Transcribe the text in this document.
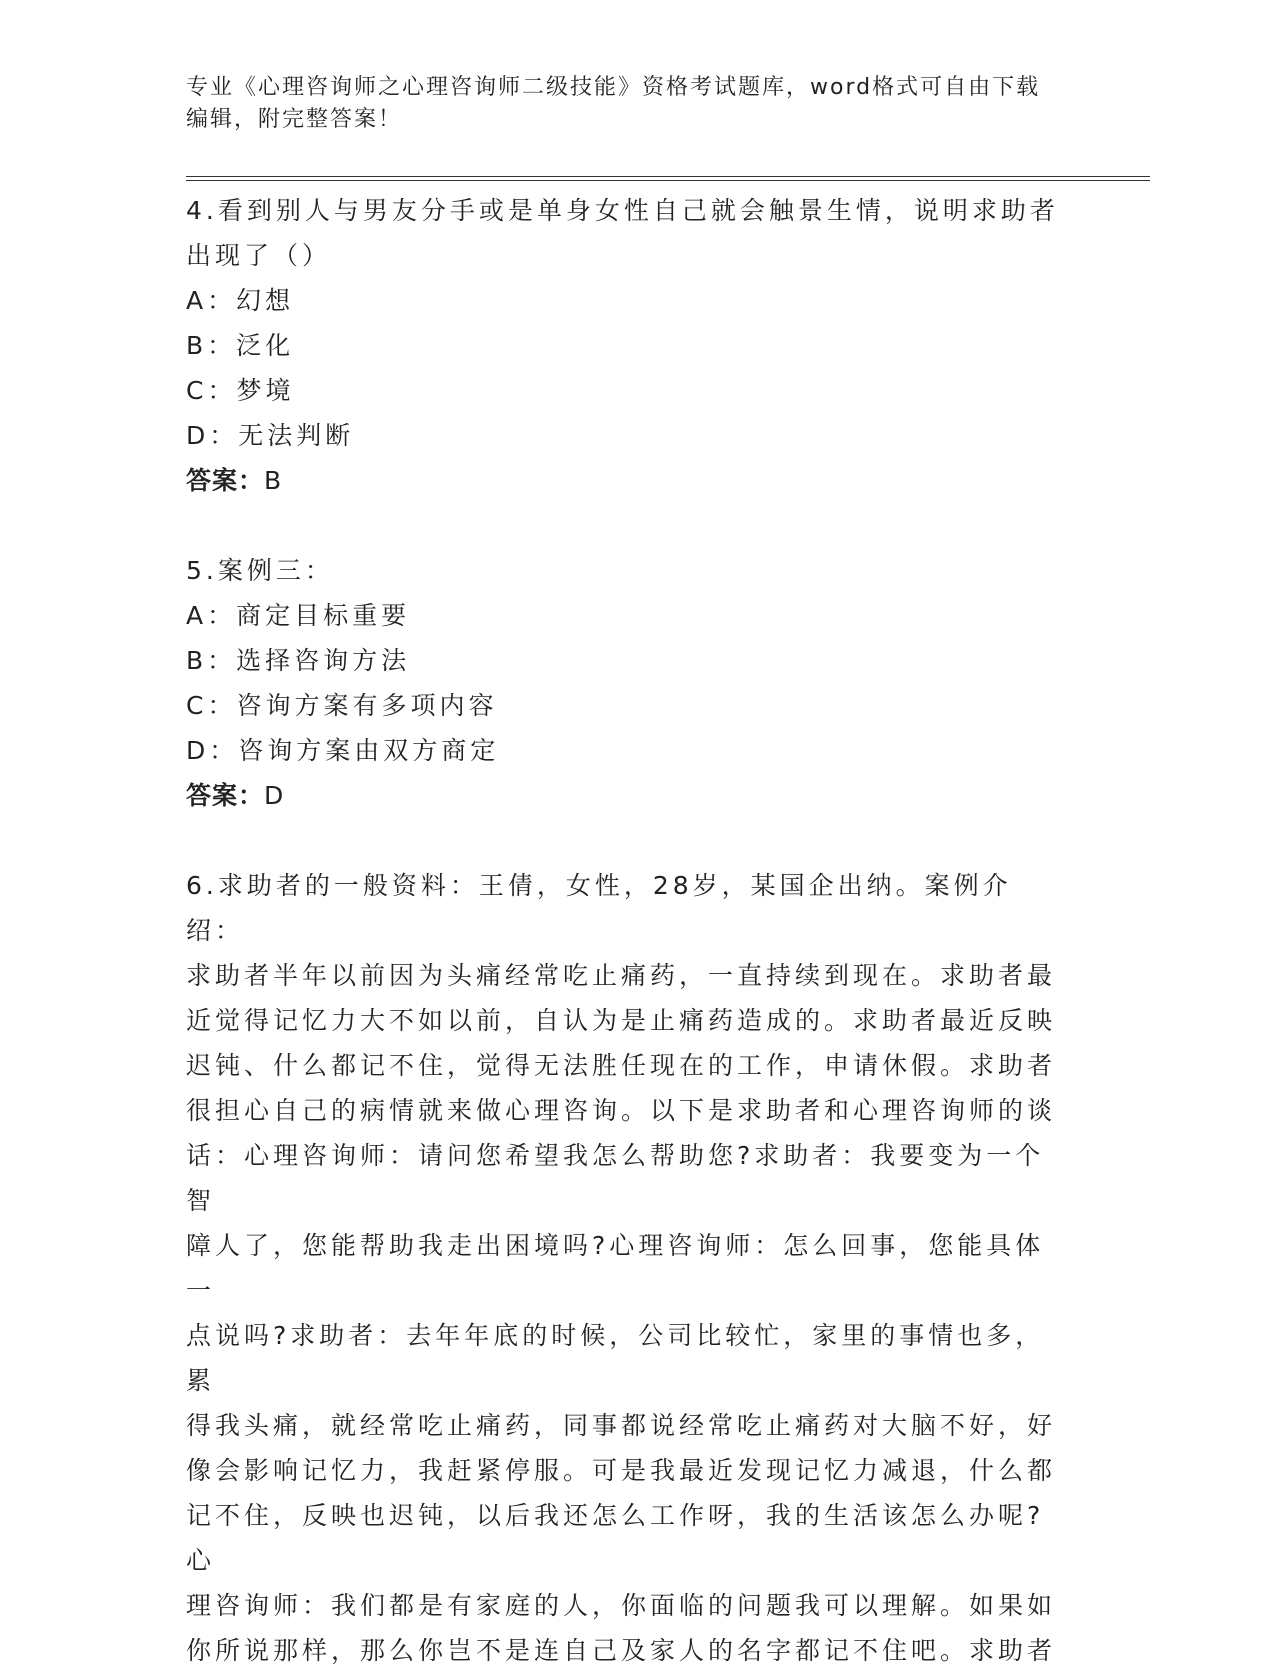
专业《心理咨询师之心理咨询师二级技能》资格考试题库，word格式可自由下载
编辑，附完整答案！

4.看到别人与男友分手或是单身女性自己就会触景生情，说明求助者

出现了（）

A：幻想

B：泛化

C：梦境

D：无法判断

答案：B

5.案例三：

A：商定目标重要

B：选择咨询方法

C：咨询方案有多项内容

D：咨询方案由双方商定

答案：D

6.求助者的一般资料：王倩，女性，28岁，某国企出纳。案例介绍：

求助者半年以前因为头痛经常吃止痛药，一直持续到现在。求助者最

近觉得记忆力大不如以前，自认为是止痛药造成的。求助者最近反映

迟钝、什么都记不住，觉得无法胜任现在的工作，申请休假。求助者

很担心自己的病情就来做心理咨询。以下是求助者和心理咨询师的谈

话：心理咨询师：请问您希望我怎么帮助您?求助者：我要变为一个智

障人了，您能帮助我走出困境吗?心理咨询师：怎么回事，您能具体一

点说吗?求助者：去年年底的时候，公司比较忙，家里的事情也多，累

得我头痛，就经常吃止痛药，同事都说经常吃止痛药对大脑不好，好

像会影响记忆力，我赶紧停服。可是我最近发现记忆力减退，什么都

记不住，反映也迟钝，以后我还怎么工作呀，我的生活该怎么办呢?心

理咨询师：我们都是有家庭的人，你面临的问题我可以理解。如果如

你所说那样，那么你岂不是连自己及家人的名字都记不住吧。求助者
